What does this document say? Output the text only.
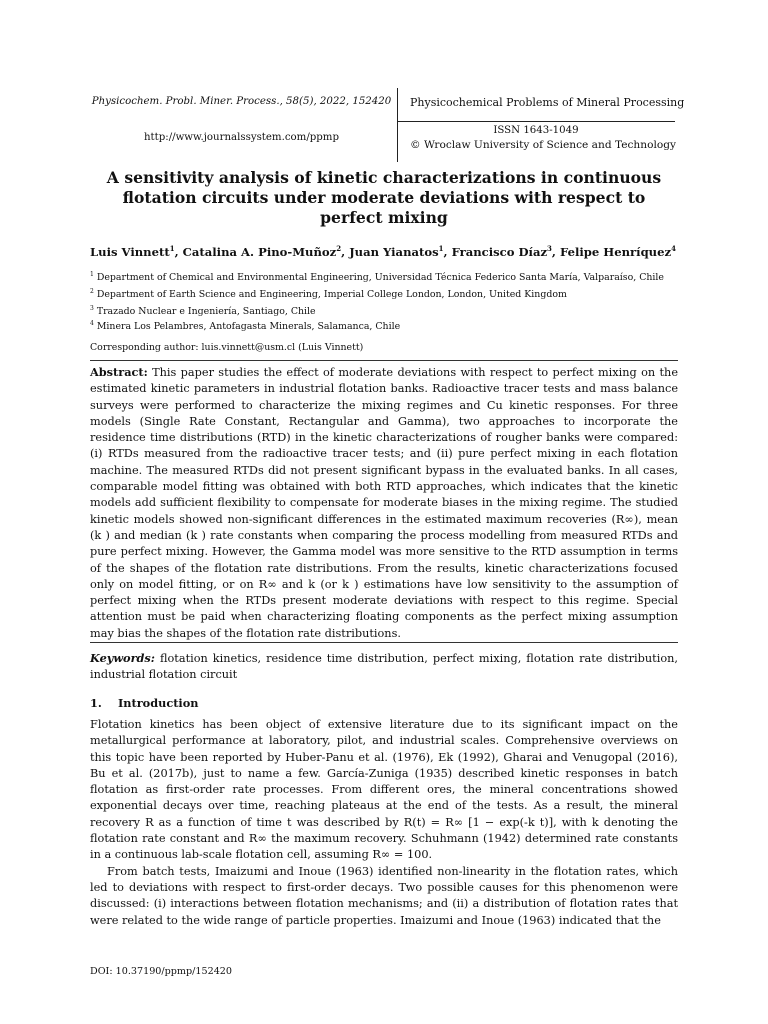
Physicochem. Probl. Miner. Process., 58(5), 2022, 152420
http://www.journalssystem.com/ppmp
Physicochemical Problems of Mineral Processing
ISSN 1643-1049
© Wroclaw University of Science and Technology
A sensitivity analysis of kinetic characterizations in continuous flotation circuits under moderate deviations with respect to perfect mixing
Luis Vinnett$^1$, Catalina A. Pino-Muñoz$^2$, Juan Yianatos$^1$, Francisco Díaz$^3$, Felipe Henríquez$^4$
$^1$ Department of Chemical and Environmental Engineering, Universidad Técnica Federico Santa María, Valparaíso, Chile
$^2$ Department of Earth Science and Engineering, Imperial College London, London, United Kingdom
$^3$ Trazado Nuclear e Ingeniería, Santiago, Chile
$^4$ Minera Los Pelambres, Antofagasta Minerals, Salamanca, Chile
Corresponding author: luis.vinnett@usm.cl (Luis Vinnett)
Abstract: This paper studies the effect of moderate deviations with respect to perfect mixing on the estimated kinetic parameters in industrial flotation banks. Radioactive tracer tests and mass balance surveys were performed to characterize the mixing regimes and Cu kinetic responses. For three models (Single Rate Constant, Rectangular and Gamma), two approaches to incorporate the residence time distributions (RTD) in the kinetic characterizations of rougher banks were compared: (i) RTDs measured from the radioactive tracer tests; and (ii) pure perfect mixing in each flotation machine. The measured RTDs did not present significant bypass in the evaluated banks. In all cases, comparable model fitting was obtained with both RTD approaches, which indicates that the kinetic models add sufficient flexibility to compensate for moderate biases in the mixing regime. The studied kinetic models showed non-significant differences in the estimated maximum recoveries (R∞), mean (k ) and median (k ) rate constants when comparing the process modelling from measured RTDs and pure perfect mixing. However, the Gamma model was more sensitive to the RTD assumption in terms of the shapes of the flotation rate distributions. From the results, kinetic characterizations focused only on model fitting, or on R∞ and k (or k ) estimations have low sensitivity to the assumption of perfect mixing when the RTDs present moderate deviations with respect to this regime. Special attention must be paid when characterizing floating components as the perfect mixing assumption may bias the shapes of the flotation rate distributions.
Keywords: flotation kinetics, residence time distribution, perfect mixing, flotation rate distribution, industrial flotation circuit
1. Introduction

Flotation kinetics has been object of extensive literature due to its significant impact on the metallurgical performance at laboratory, pilot, and industrial scales. Comprehensive overviews on this topic have been reported by Huber-Panu et al. (1976), Ek (1992), Gharai and Venugopal (2016), Bu et al. (2017b), just to name a few. García-Zuniga (1935) described kinetic responses in batch flotation as first-order rate processes. From different ores, the mineral concentrations showed exponential decays over time, reaching plateaus at the end of the tests. As a result, the mineral recovery R as a function of time t was described by R(t) = R∞ [1 − exp(-k t)], with k denoting the flotation rate constant and R∞ the maximum recovery. Schuhmann (1942) determined rate constants in a continuous lab-scale flotation cell, assuming R∞ = 100.

From batch tests, Imaizumi and Inoue (1963) identified non-linearity in the flotation rates, which led to deviations with respect to first-order decays. Two possible causes for this phenomenon were discussed: (i) interactions between flotation mechanisms; and (ii) a distribution of flotation rates that were related to the wide range of particle properties. Imaizumi and Inoue (1963) indicated that the

DOI: 10.37190/ppmp/152420
